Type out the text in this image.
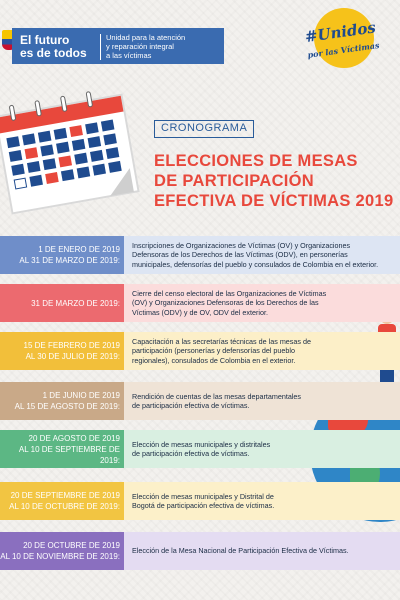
El futuro
es de todos
Unidad para la atención
y reparación integral
a las víctimas
#Unidos
por las Víctimas
CRONOGRAMA
ELECCIONES DE MESAS
DE PARTICIPACIÓN
EFECTIVA DE VÍCTIMAS 2019
1 DE ENERO DE 2019
AL 31 DE MARZO DE 2019:
Inscripciones de Organizaciones de Víctimas (OV) y Organizaciones
Defensoras de los Derechos de las Víctimas (ODV), en personerías
municipales, defensorías del pueblo y consulados de Colombia en el exterior.
31 DE MARZO DE 2019:
Cierre del censo electoral de las Organizaciones de Víctimas
(OV) y Organizaciones Defensoras de los Derechos de las
Víctimas (ODV) y de OV, ODV del exterior.
15 DE FEBRERO DE 2019
AL 30 DE JULIO DE 2019:
Capacitación a las secretarías técnicas de las mesas de
participación (personerías y defensorías del pueblo
regionales), consulados de Colombia en el exterior.
1 DE JUNIO DE 2019
AL 15 DE AGOSTO DE 2019:
Rendición de cuentas de las mesas departamentales
de participación efectiva de víctimas.
20 DE AGOSTO DE 2019
AL 10 DE SEPTIEMBRE DE 2019:
Elección de mesas municipales y distritales
de participación efectiva de víctimas.
20 DE SEPTIEMBRE DE 2019
AL 10 DE OCTUBRE DE 2019:
Elección de mesas municipales y Distrital de
Bogotá de participación efectiva de víctimas.
20 DE OCTUBRE DE 2019
AL 10 DE NOVIEMBRE DE 2019:
Elección de la Mesa Nacional de Participación Efectiva de Víctimas.
